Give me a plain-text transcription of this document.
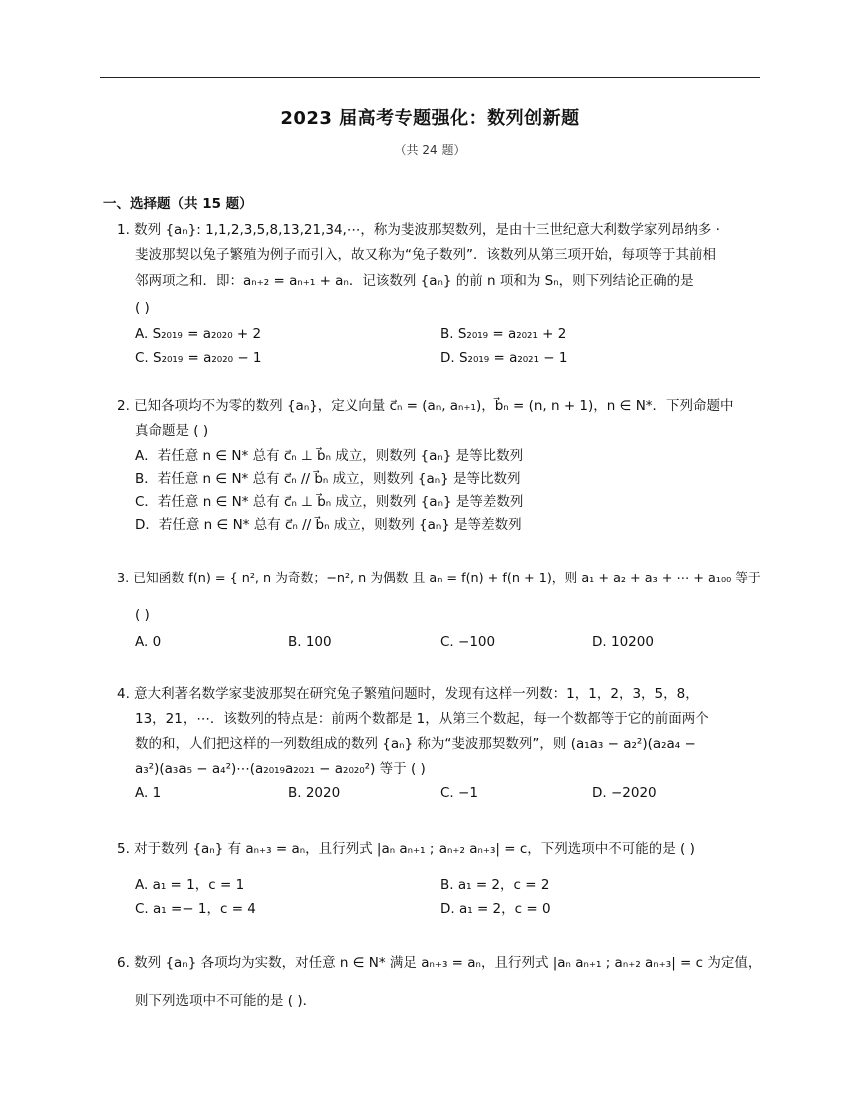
2023 届高考专题强化：数列创新题
（共 24 题）
一、选择题（共 15 题）
1. 数列 {aₙ}: 1,1,2,3,5,8,13,21,34,⋯，称为斐波那契数列，是由十三世纪意大利数学家列昂纳多 ·
斐波那契以兔子繁殖为例子而引入，故又称为“兔子数列”．该数列从第三项开始，每项等于其前相
邻两项之和．即：aₙ₊₂ = aₙ₊₁ + aₙ．记该数列 {aₙ} 的前 n 项和为 Sₙ，则下列结论正确的是
( )
A. S₂₀₁₉ = a₂₀₂₀ + 2	B. S₂₀₁₉ = a₂₀₂₁ + 2
C. S₂₀₁₉ = a₂₀₂₀ − 1	D. S₂₀₁₉ = a₂₀₂₁ − 1
2. 已知各项均不为零的数列 {aₙ}，定义向量 c⃗ₙ = (aₙ, aₙ₊₁)，b⃗ₙ = (n, n + 1)，n ∈ N*．下列命题中
真命题是 ( )
A．若任意 n ∈ N* 总有 c⃗ₙ ⊥ b⃗ₙ 成立，则数列 {aₙ} 是等比数列
B．若任意 n ∈ N* 总有 c⃗ₙ // b⃗ₙ 成立，则数列 {aₙ} 是等比数列
C．若任意 n ∈ N* 总有 c⃗ₙ ⊥ b⃗ₙ 成立，则数列 {aₙ} 是等差数列
D．若任意 n ∈ N* 总有 c⃗ₙ // b⃗ₙ 成立，则数列 {aₙ} 是等差数列
3. 已知函数 f(n) = { n², n 为奇数；−n², n 为偶数 且 aₙ = f(n) + f(n + 1)，则 a₁ + a₂ + a₃ + ⋯ + a₁₀₀ 等于
( )
A. 0	B. 100	C. −100	D. 10200
4. 意大利著名数学家斐波那契在研究兔子繁殖问题时，发现有这样一列数：1，1，2，3，5，8，
13，21，⋯．该数列的特点是：前两个数都是 1，从第三个数起，每一个数都等于它的前面两个
数的和，人们把这样的一列数组成的数列 {aₙ} 称为“斐波那契数列”，则 (a₁a₃ − a₂²)(a₂a₄ −
a₃²)(a₃a₅ − a₄²)⋯(a₂₀₁₉a₂₀₂₁ − a₂₀₂₀²) 等于 ( )
A. 1	B. 2020	C. −1	D. −2020
5. 对于数列 {aₙ} 有 aₙ₊₃ = aₙ，且行列式 |aₙ aₙ₊₁ ; aₙ₊₂ aₙ₊₃| = c，下列选项中不可能的是 ( )
A. a₁ = 1，c = 1	B. a₁ = 2，c = 2
C. a₁ =− 1，c = 4	D. a₁ = 2，c = 0
6. 数列 {aₙ} 各项均为实数，对任意 n ∈ N* 满足 aₙ₊₃ = aₙ，且行列式 |aₙ aₙ₊₁ ; aₙ₊₂ aₙ₊₃| = c 为定值，
则下列选项中不可能的是 ( )．
